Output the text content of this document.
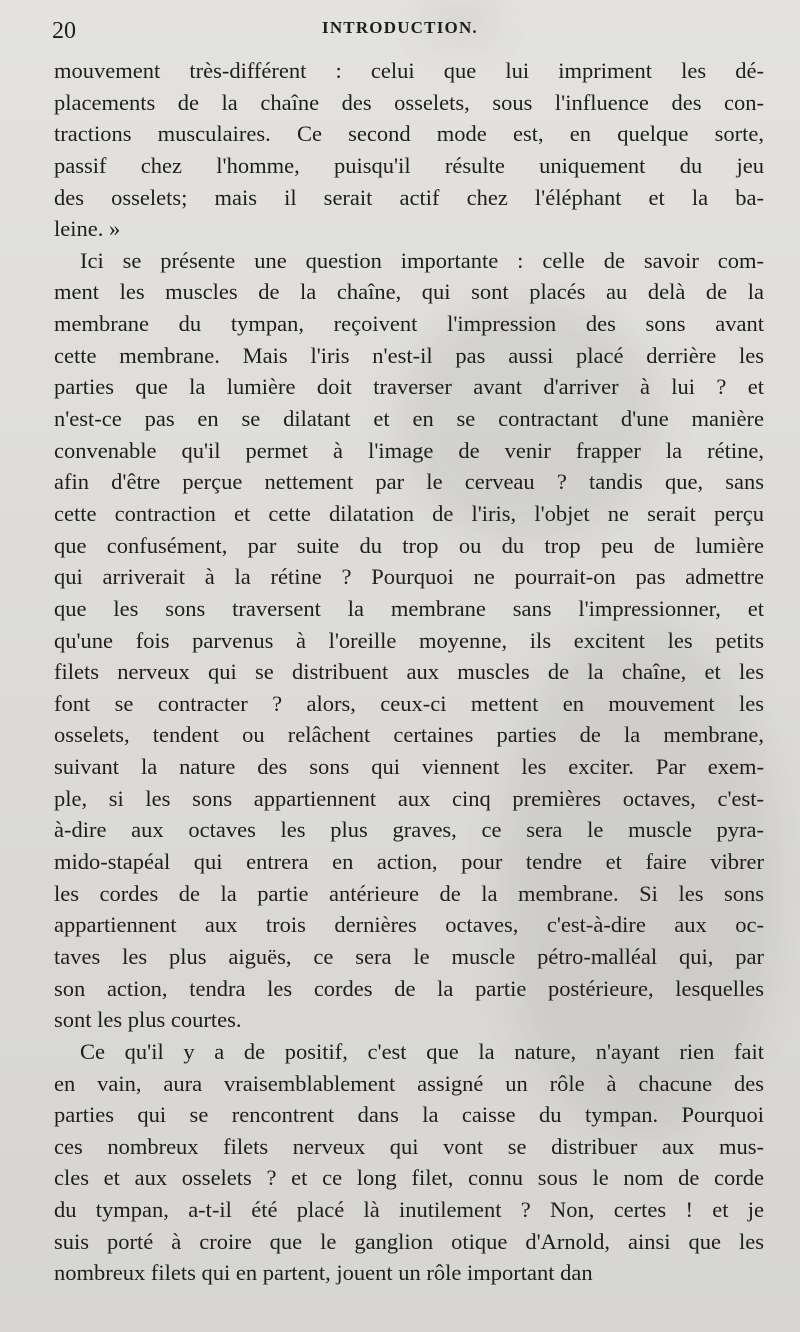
20	INTRODUCTION.
mouvement très-différent : celui que lui impriment les dé-
placements de la chaîne des osselets, sous l'influence des con-
tractions musculaires. Ce second mode est, en quelque sorte,
passif chez l'homme, puisqu'il résulte uniquement du jeu
des osselets; mais il serait actif chez l'éléphant et la ba-
leine. »
Ici se présente une question importante : celle de savoir com-
ment les muscles de la chaîne, qui sont placés au delà de la
membrane du tympan, reçoivent l'impression des sons avant
cette membrane. Mais l'iris n'est-il pas aussi placé derrière les
parties que la lumière doit traverser avant d'arriver à lui ? et
n'est-ce pas en se dilatant et en se contractant d'une manière
convenable qu'il permet à l'image de venir frapper la rétine,
afin d'être perçue nettement par le cerveau ? tandis que, sans
cette contraction et cette dilatation de l'iris, l'objet ne serait perçu
que confusément, par suite du trop ou du trop peu de lumière
qui arriverait à la rétine ? Pourquoi ne pourrait-on pas admettre
que les sons traversent la membrane sans l'impressionner, et
qu'une fois parvenus à l'oreille moyenne, ils excitent les petits
filets nerveux qui se distribuent aux muscles de la chaîne, et les
font se contracter ? alors, ceux-ci mettent en mouvement les
osselets, tendent ou relâchent certaines parties de la membrane,
suivant la nature des sons qui viennent les exciter. Par exem-
ple, si les sons appartiennent aux cinq premières octaves, c'est-
à-dire aux octaves les plus graves, ce sera le muscle pyra-
mido-stapéal qui entrera en action, pour tendre et faire vibrer
les cordes de la partie antérieure de la membrane. Si les sons
appartiennent aux trois dernières octaves, c'est-à-dire aux oc-
taves les plus aiguës, ce sera le muscle pétro-malléal qui, par
son action, tendra les cordes de la partie postérieure, lesquelles
sont les plus courtes.
Ce qu'il y a de positif, c'est que la nature, n'ayant rien fait
en vain, aura vraisemblablement assigné un rôle à chacune des
parties qui se rencontrent dans la caisse du tympan. Pourquoi
ces nombreux filets nerveux qui vont se distribuer aux mus-
cles et aux osselets ? et ce long filet, connu sous le nom de corde
du tympan, a-t-il été placé là inutilement ? Non, certes ! et je
suis porté à croire que le ganglion otique d'Arnold, ainsi que les
nombreux filets qui en partent, jouent un rôle important dan
